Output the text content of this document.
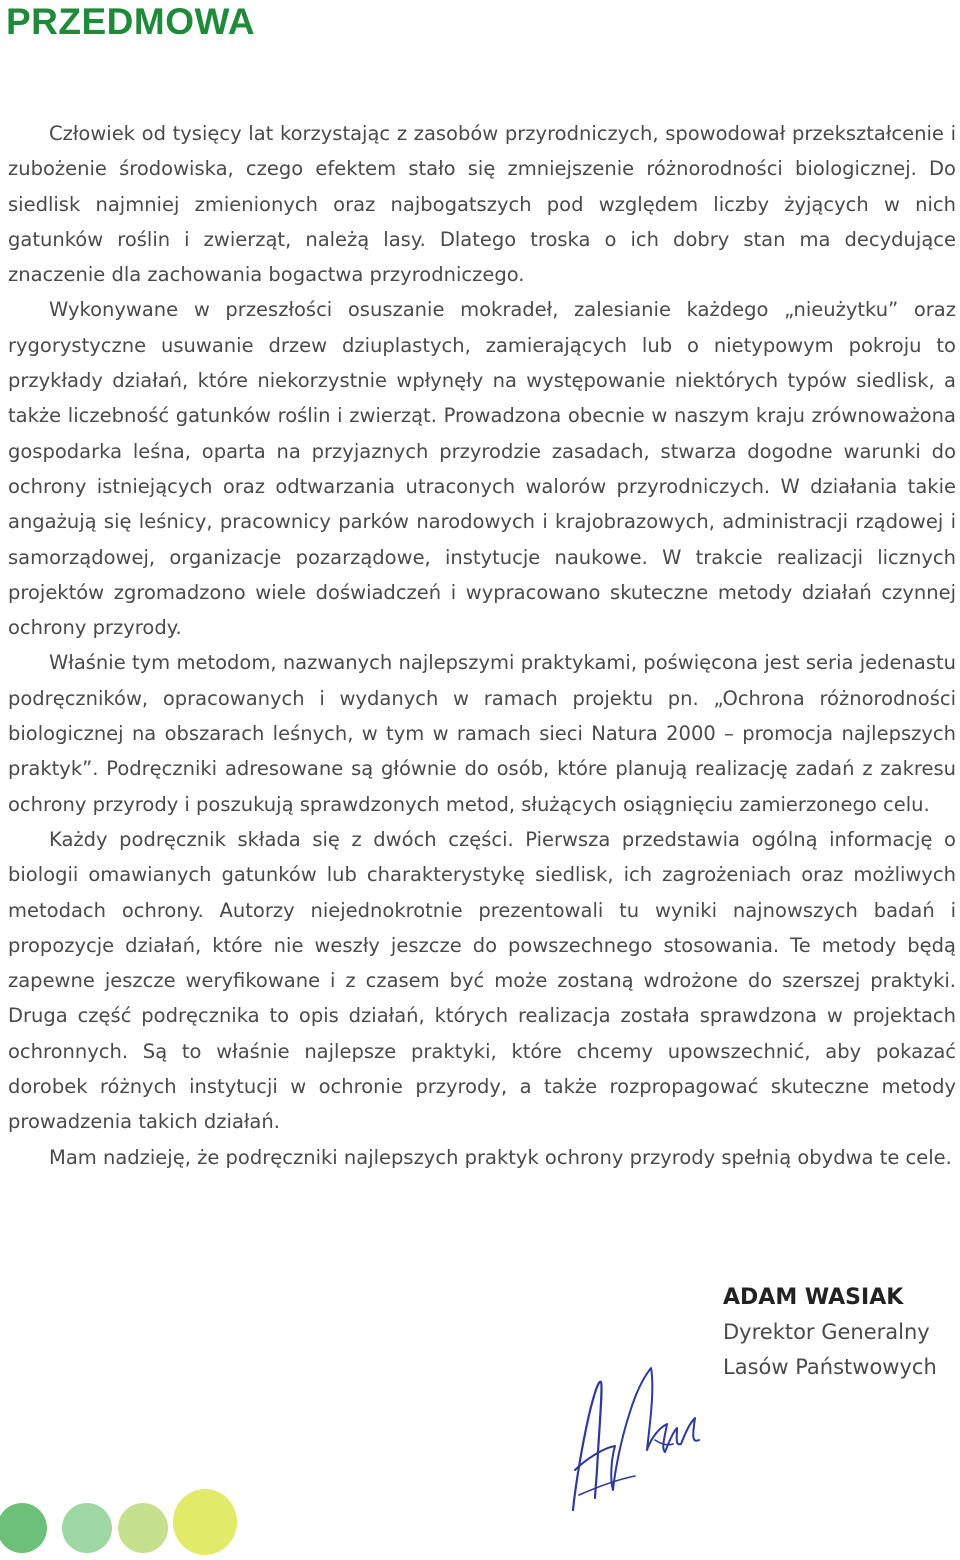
PRZEDMOWA

Człowiek od tysięcy lat korzystając z zasobów przyrodniczych, spowodował przekształcenie i zubożenie środowiska, czego efektem stało się zmniejszenie różnorodności biologicznej. Do siedlisk najmniej zmienionych oraz najbogatszych pod względem liczby żyjących w nich gatunków roślin i zwierząt, należą lasy. Dlatego troska o ich dobry stan ma decydujące znaczenie dla zachowania bogactwa przyrodniczego.

Wykonywane w przeszłości osuszanie mokradeł, zalesianie każdego „nieużytku” oraz rygorystyczne usuwanie drzew dziuplastych, zamierających lub o nietypowym pokroju to przykłady działań, które niekorzystnie wpłynęły na występowanie niektórych typów siedlisk, a także liczebność gatunków roślin i zwierząt. Prowadzona obecnie w naszym kraju zrównoważona gospodarka leśna, oparta na przyjaznych przyrodzie zasadach, stwarza dogodne warunki do ochrony istniejących oraz odtwarzania utraconych walorów przyrodniczych. W działania takie angażują się leśnicy, pracownicy parków narodowych i krajobrazowych, administracji rządowej i samorządowej, organizacje pozarządowe, instytucje naukowe. W trakcie realizacji licznych projektów zgromadzono wiele doświadczeń i wypracowano skuteczne metody działań czynnej ochrony przyrody.

Właśnie tym metodom, nazwanych najlepszymi praktykami, poświęcona jest seria jedenastu podręczników, opracowanych i wydanych w ramach projektu pn. „Ochrona różnorodności biologicznej na obszarach leśnych, w tym w ramach sieci Natura 2000 – promocja najlepszych praktyk”. Podręczniki adresowane są głównie do osób, które planują realizację zadań z zakresu ochrony przyrody i poszukują sprawdzonych metod, służących osiągnięciu zamierzonego celu.

Każdy podręcznik składa się z dwóch części. Pierwsza przedstawia ogólną informację o biologii omawianych gatunków lub charakterystykę siedlisk, ich zagrożeniach oraz możliwych metodach ochrony. Autorzy niejednokrotnie prezentowali tu wyniki najnowszych badań i propozycje działań, które nie weszły jeszcze do powszechnego stosowania. Te metody będą zapewne jeszcze weryfikowane i z czasem być może zostaną wdrożone do szerszej praktyki. Druga część podręcznika to opis działań, których realizacja została sprawdzona w projektach ochronnych. Są to właśnie najlepsze praktyki, które chcemy upowszechnić, aby pokazać dorobek różnych instytucji w ochronie przyrody, a także rozpropagować skuteczne metody prowadzenia takich działań.

Mam nadzieję, że podręczniki najlepszych praktyk ochrony przyrody spełnią obydwa te cele.

ADAM WASIAK
Dyrektor Generalny
Lasów Państwowych
